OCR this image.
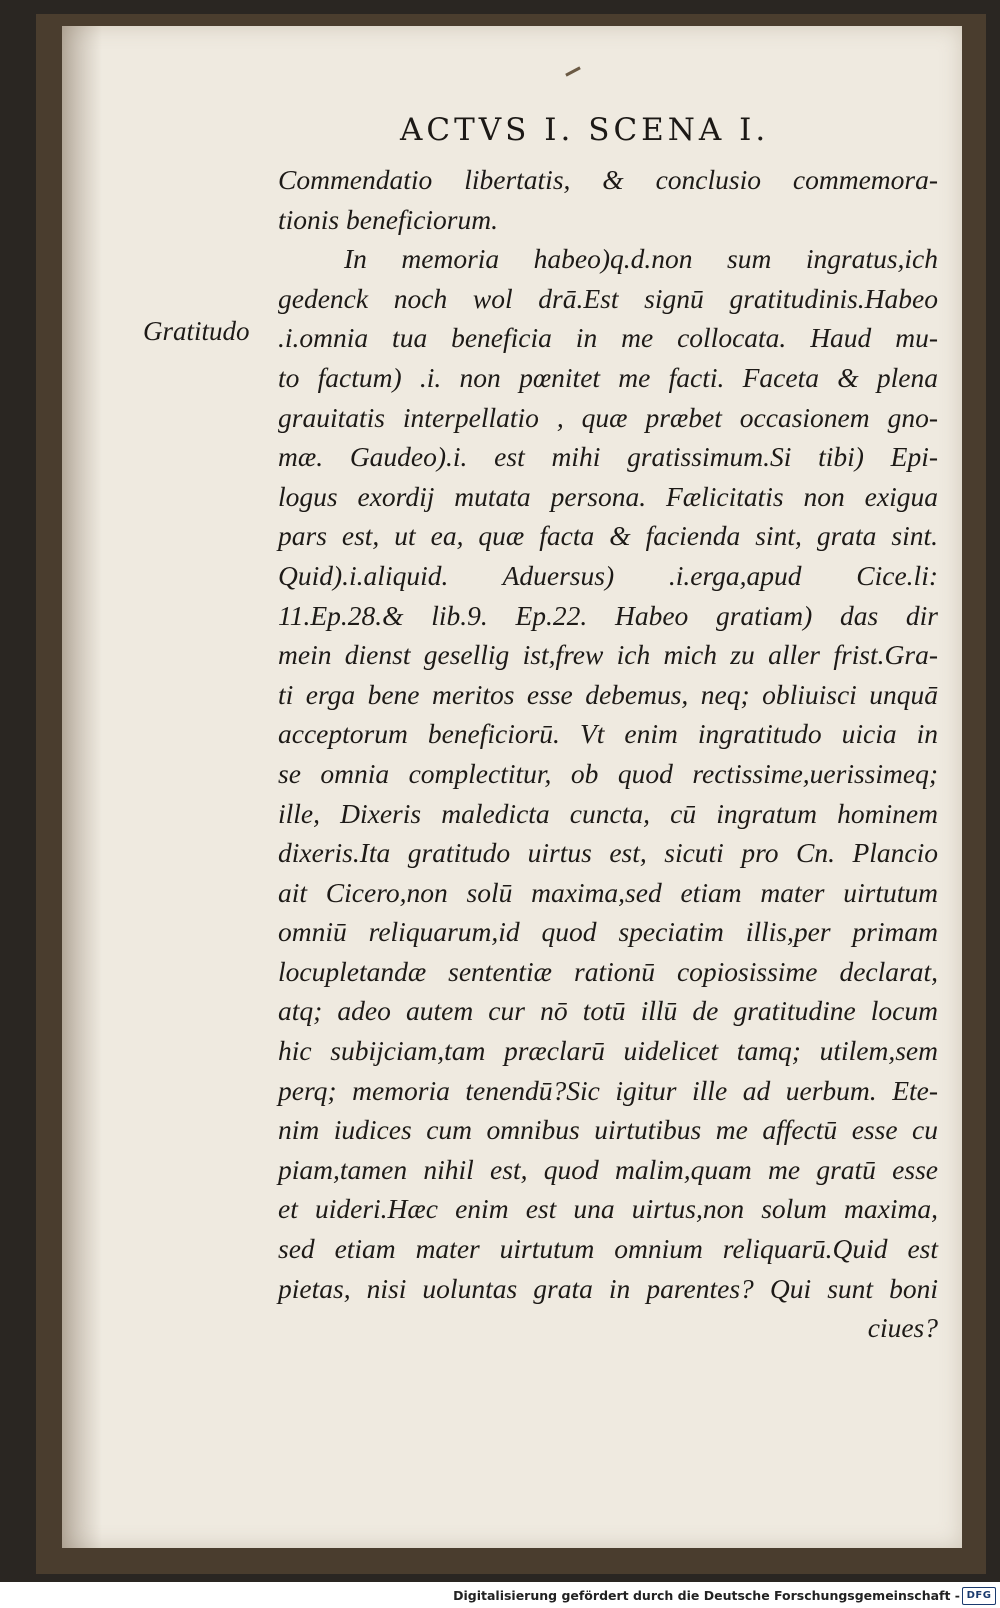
ACTVS I. SCENA I.
Gratitudo
Commendatio libertatis, & conclusio commemora-
tionis beneficiorum.
In memoria habeo)q.d.non sum ingratus,ich
gedenck noch wol drā.Est signū gratitudinis.Habeo
.i.omnia tua beneficia in me collocata. Haud mu-
to factum) .i. non pœnitet me facti. Faceta & plena
grauitatis interpellatio , quæ præbet occasionem gno-
mæ. Gaudeo).i. est mihi gratissimum.Si tibi) Epi-
logus exordij mutata persona. Fælicitatis non exigua
pars est, ut ea, quæ facta & facienda sint, grata sint.
Quid).i.aliquid. Aduersus) .i.erga,apud Cice.li:
11.Ep.28.& lib.9. Ep.22. Habeo gratiam) das dir
mein dienst gesellig ist,frew ich mich zu aller frist.Gra-
ti erga bene meritos esse debemus, neq; obliuisci unquā
acceptorum beneficiorū. Vt enim ingratitudo uicia in
se omnia complectitur, ob quod rectissime,uerissimeq;
ille, Dixeris maledicta cuncta, cū ingratum hominem
dixeris.Ita gratitudo uirtus est, sicuti pro Cn. Plancio
ait Cicero,non solū maxima,sed etiam mater uirtutum
omniū reliquarum,id quod speciatim illis,per primam
locupletandæ sententiæ rationū copiosissime declarat,
atq; adeo autem cur nō totū illū de gratitudine locum
hic subijciam,tam præclarū uidelicet tamq; utilem,sem
perq; memoria tenendū?Sic igitur ille ad uerbum. Ete-
nim iudices cum omnibus uirtutibus me affectū esse cu
piam,tamen nihil est, quod malim,quam me gratū esse
et uideri.Hæc enim est una uirtus,non solum maxima,
sed etiam mater uirtutum omnium reliquarū.Quid est
pietas, nisi uoluntas grata in parentes? Qui sunt boni
ciues?
Digitalisierung gefördert durch die Deutsche Forschungsgemeinschaft - DFG
